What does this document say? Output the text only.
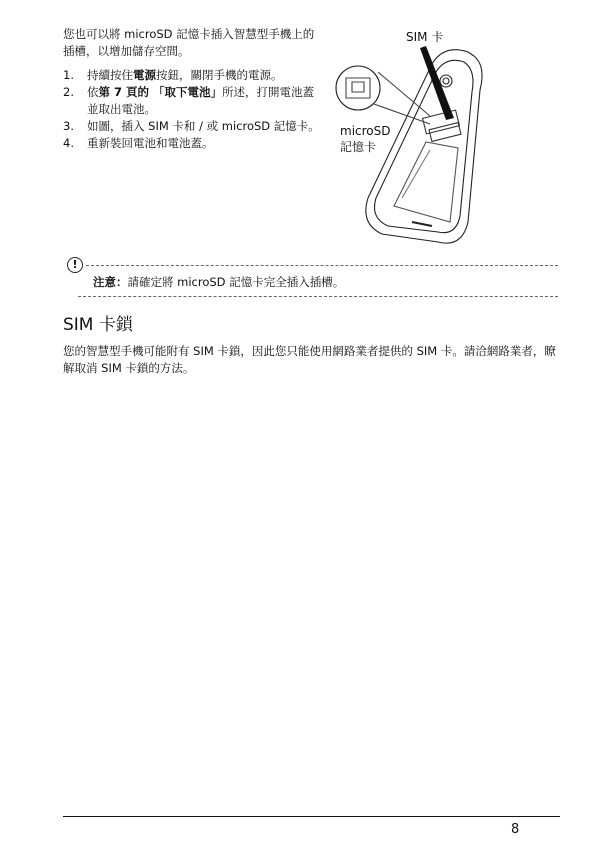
您也可以將 microSD 記憶卡插入智慧型手機上的插槽，以增加儲存空間。

1. 持續按住電源按鈕，關閉手機的電源。
2. 依第 7 頁的 「取下電池」所述，打開電池蓋並取出電池。
3. 如圖，插入 SIM 卡和 / 或 microSD 記憶卡。
4. 重新裝回電池和電池蓋。
SIM 卡
microSD
記憶卡
!
注意：請確定將 microSD 記憶卡完全插入插槽。
SIM 卡鎖

您的智慧型手機可能附有 SIM 卡鎖，因此您只能使用網路業者提供的 SIM 卡。請洽網路業者，瞭解取消 SIM 卡鎖的方法。

8
